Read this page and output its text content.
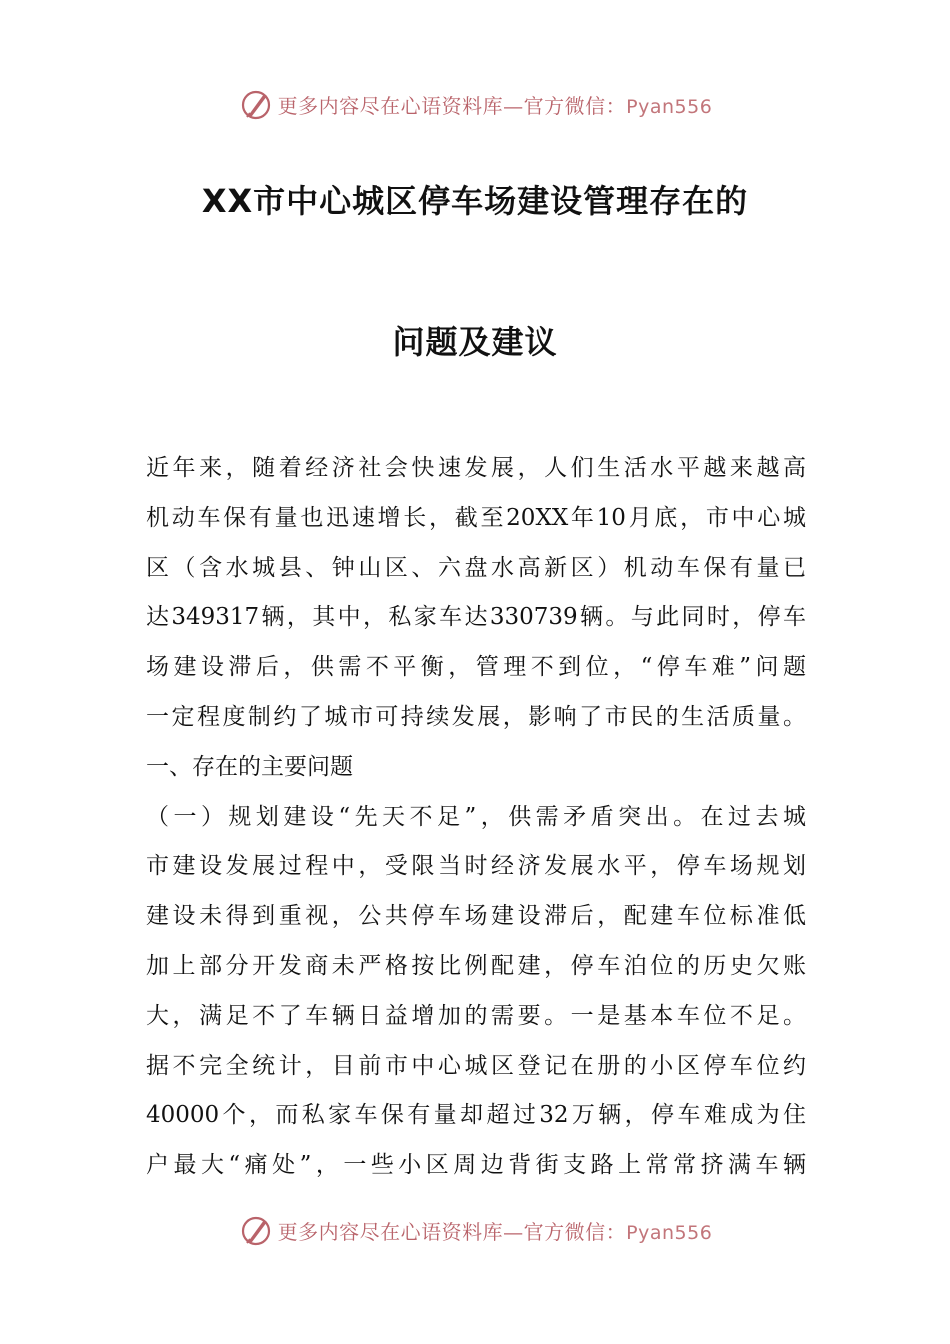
更多内容尽在心语资料库—官方微信：Pyan556
XX市中心城区停车场建设管理存在的
问题及建议
近年来，随着经济社会快速发展，人们生活水平越来越高
机动车保有量也迅速增长，截至20XX年10月底，市中心城
区（含水城县、钟山区、六盘水高新区）机动车保有量已
达349317辆，其中，私家车达330739辆。与此同时，停车
场建设滞后，供需不平衡，管理不到位，“停车难”问题
一定程度制约了城市可持续发展，影响了市民的生活质量。
一、存在的主要问题
（一）规划建设“先天不足”，供需矛盾突出。在过去城
市建设发展过程中，受限当时经济发展水平，停车场规划
建设未得到重视，公共停车场建设滞后，配建车位标准低
加上部分开发商未严格按比例配建，停车泊位的历史欠账
大，满足不了车辆日益增加的需要。一是基本车位不足。
据不完全统计，目前市中心城区登记在册的小区停车位约
40000个，而私家车保有量却超过32万辆，停车难成为住
户最大“痛处”，一些小区周边背街支路上常常挤满车辆
更多内容尽在心语资料库—官方微信：Pyan556
